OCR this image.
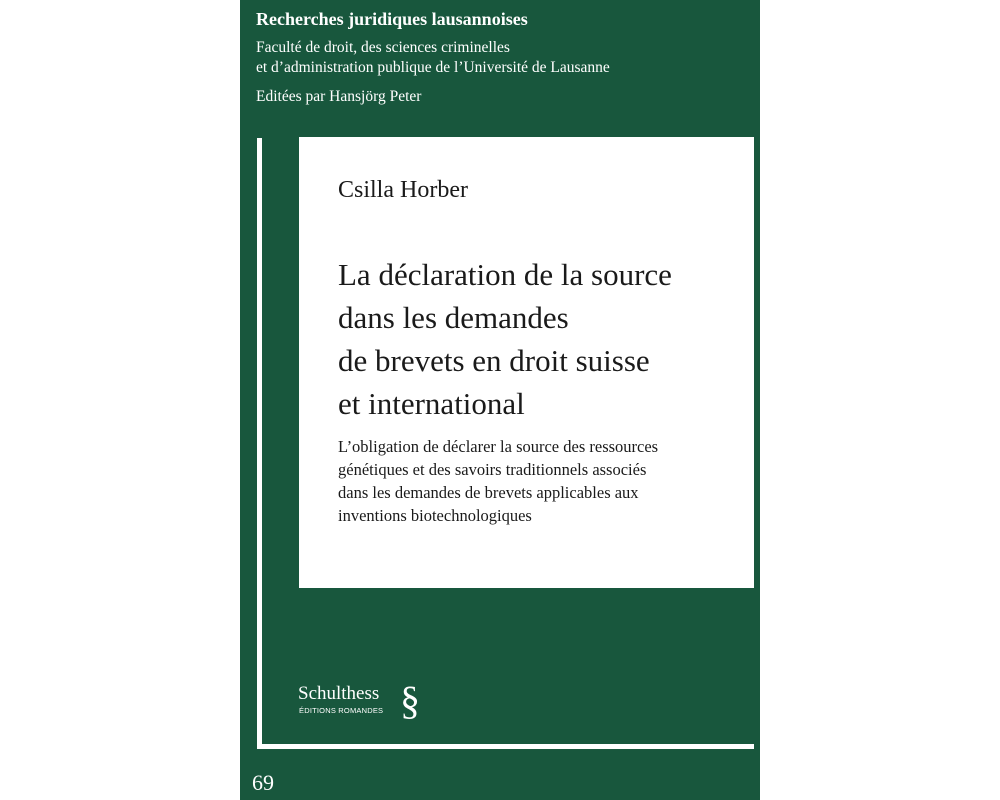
Recherches juridiques lausannoises
Faculté de droit, des sciences criminelles
et d’administration publique de l’Université de Lausanne
Editées par Hansjörg Peter
Csilla Horber
La déclaration de la source
dans les demandes
de brevets en droit suisse
et international
L’obligation de déclarer la source des ressources
génétiques et des savoirs traditionnels associés
dans les demandes de brevets applicables aux
inventions biotechnologiques
Schulthess
ÉDITIONS ROMANDES §
69
